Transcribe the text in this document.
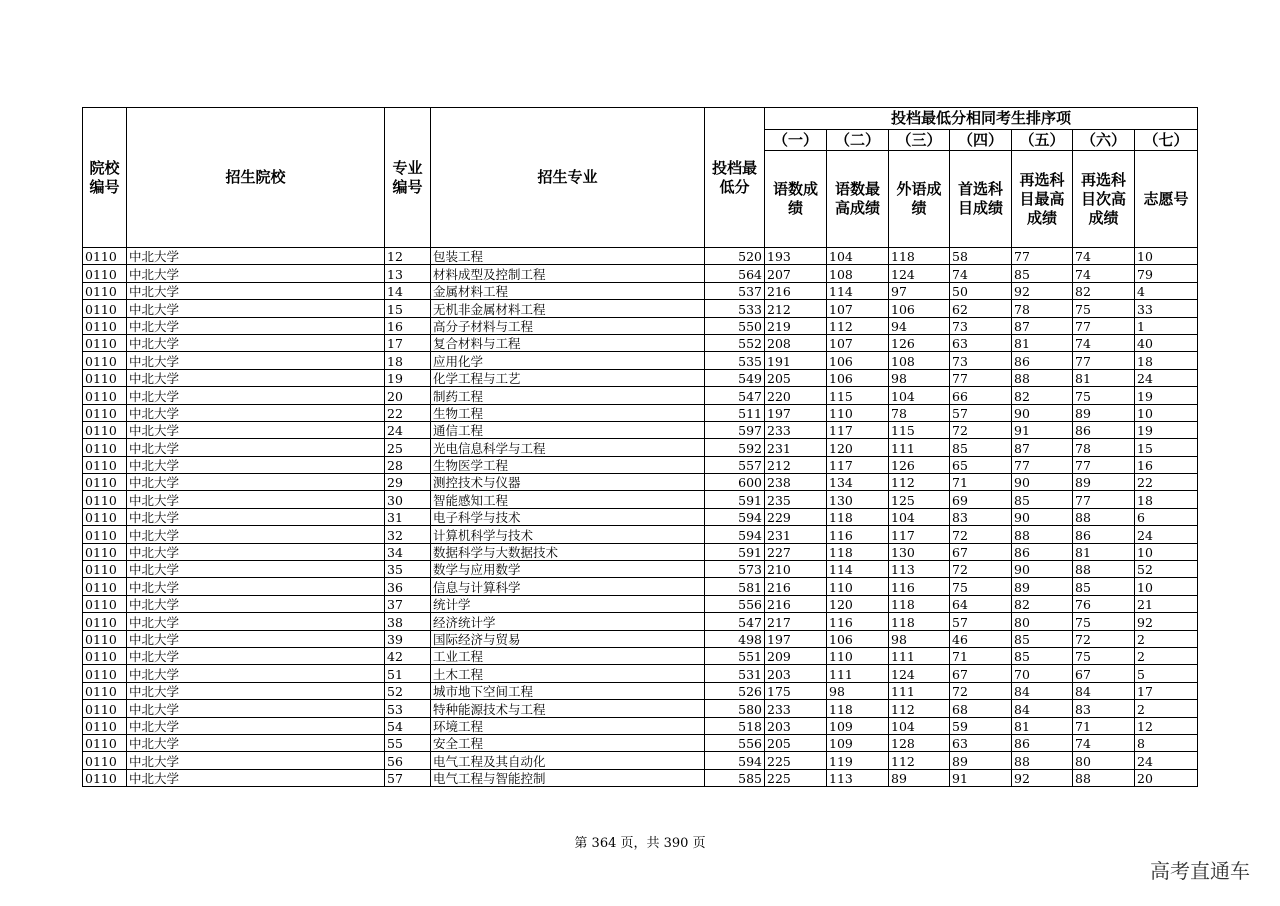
院校编号	招生院校	专业编号	招生专业	投档最低分	投档最低分相同考生排序项						
					（一）	（二）	（三）	（四）	（五）	（六）	（七）
					语数成绩	语数最高成绩	外语成绩	首选科目成绩	再选科目最高成绩	再选科目次高成绩	志愿号
0110	中北大学	12	包装工程	520	193	104	118	58	77	74	10
0110	中北大学	13	材料成型及控制工程	564	207	108	124	74	85	74	79
0110	中北大学	14	金属材料工程	537	216	114	97	50	92	82	4
0110	中北大学	15	无机非金属材料工程	533	212	107	106	62	78	75	33
0110	中北大学	16	高分子材料与工程	550	219	112	94	73	87	77	1
0110	中北大学	17	复合材料与工程	552	208	107	126	63	81	74	40
0110	中北大学	18	应用化学	535	191	106	108	73	86	77	18
0110	中北大学	19	化学工程与工艺	549	205	106	98	77	88	81	24
0110	中北大学	20	制药工程	547	220	115	104	66	82	75	19
0110	中北大学	22	生物工程	511	197	110	78	57	90	89	10
0110	中北大学	24	通信工程	597	233	117	115	72	91	86	19
0110	中北大学	25	光电信息科学与工程	592	231	120	111	85	87	78	15
0110	中北大学	28	生物医学工程	557	212	117	126	65	77	77	16
0110	中北大学	29	测控技术与仪器	600	238	134	112	71	90	89	22
0110	中北大学	30	智能感知工程	591	235	130	125	69	85	77	18
0110	中北大学	31	电子科学与技术	594	229	118	104	83	90	88	6
0110	中北大学	32	计算机科学与技术	594	231	116	117	72	88	86	24
0110	中北大学	34	数据科学与大数据技术	591	227	118	130	67	86	81	10
0110	中北大学	35	数学与应用数学	573	210	114	113	72	90	88	52
0110	中北大学	36	信息与计算科学	581	216	110	116	75	89	85	10
0110	中北大学	37	统计学	556	216	120	118	64	82	76	21
0110	中北大学	38	经济统计学	547	217	116	118	57	80	75	92
0110	中北大学	39	国际经济与贸易	498	197	106	98	46	85	72	2
0110	中北大学	42	工业工程	551	209	110	111	71	85	75	2
0110	中北大学	51	土木工程	531	203	111	124	67	70	67	5
0110	中北大学	52	城市地下空间工程	526	175	98	111	72	84	84	17
0110	中北大学	53	特种能源技术与工程	580	233	118	112	68	84	83	2
0110	中北大学	54	环境工程	518	203	109	104	59	81	71	12
0110	中北大学	55	安全工程	556	205	109	128	63	86	74	8
0110	中北大学	56	电气工程及其自动化	594	225	119	112	89	88	80	24
0110	中北大学	57	电气工程与智能控制	585	225	113	89	91	92	88	20
第 364 页，共 390 页
高考直通车
